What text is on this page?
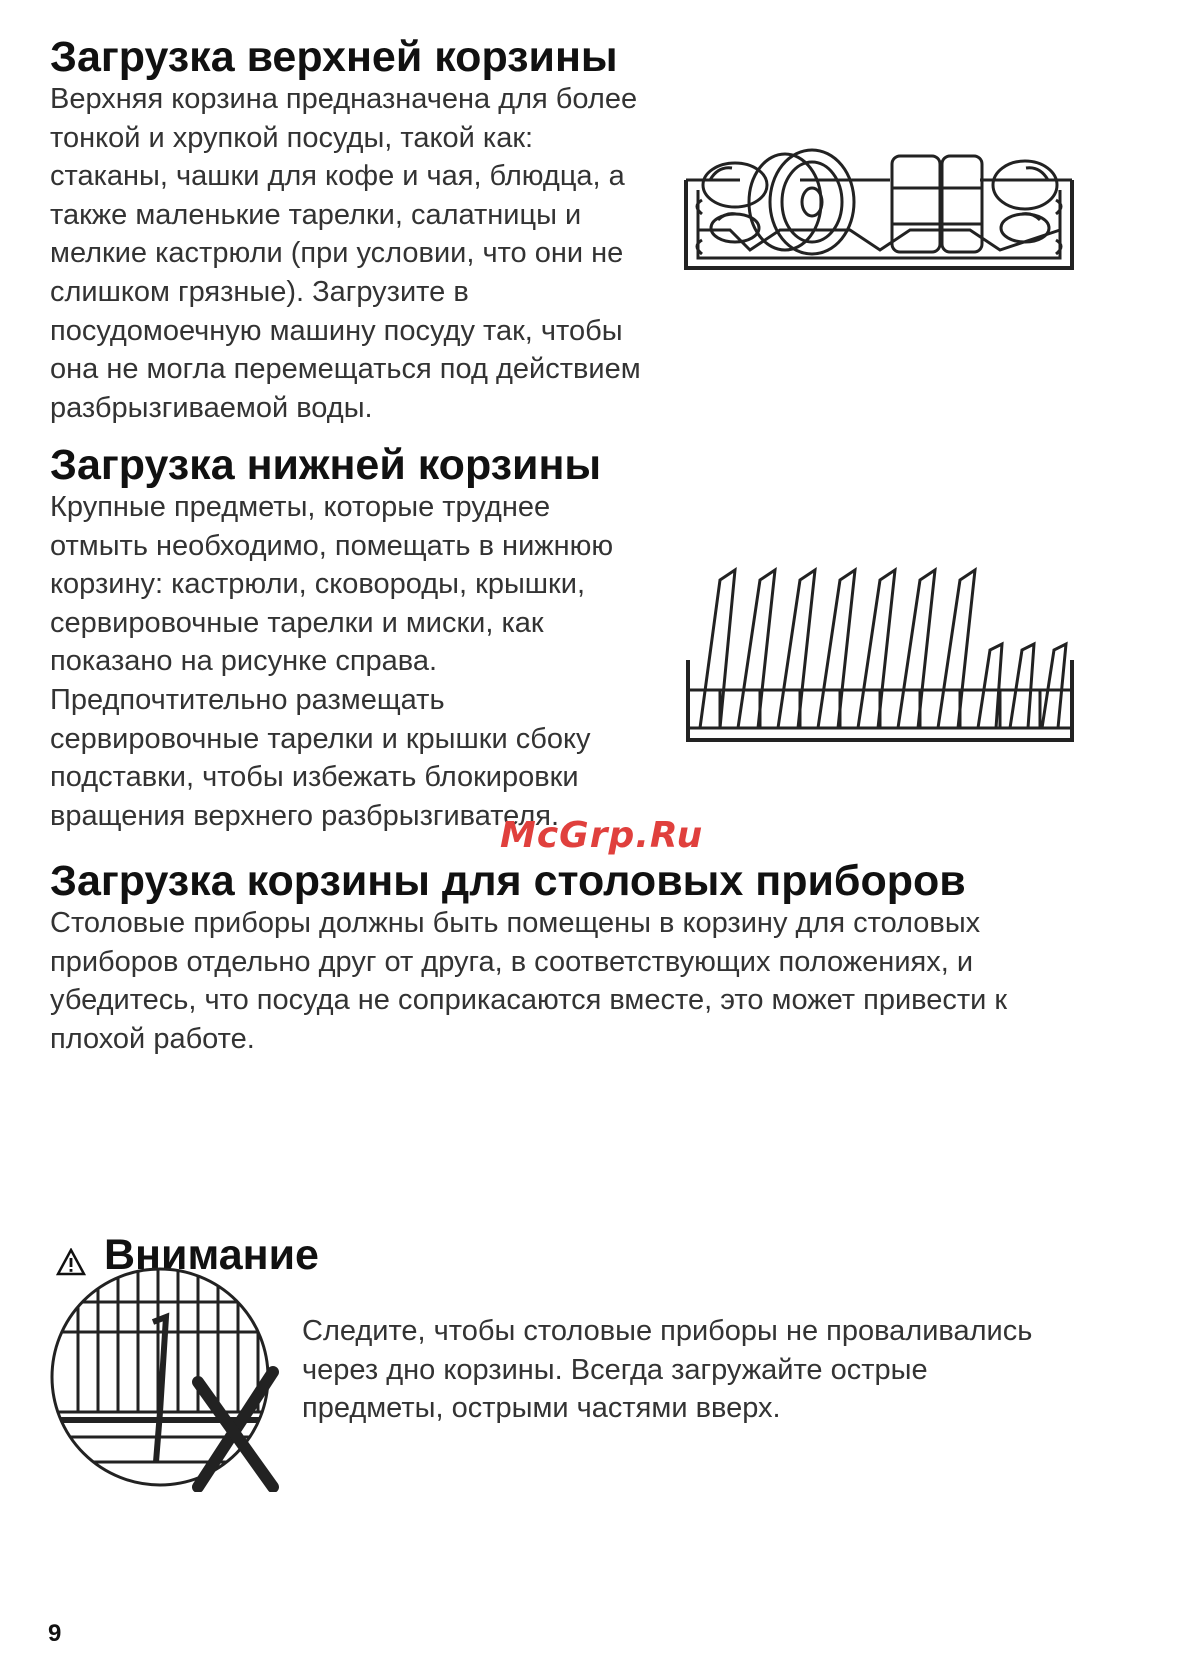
Загрузка верхней корзины

Верхняя корзина предназначена для более
тонкой и хрупкой посуды, такой как:
стаканы, чашки для кофе и чая, блюдца, а
также маленькие тарелки, салатницы и
мелкие кастрюли (при условии, что они не
слишком грязные). Загрузите в
посудомоечную машину посуду так, чтобы
она не могла перемещаться под действием
разбрызгиваемой воды.

Загрузка нижней корзины

Крупные предметы, которые труднее
отмыть необходимо, помещать в нижнюю
корзину: кастрюли, сковороды, крышки,
сервировочные тарелки и миски, как
показано на рисунке справа.
Предпочтительно размещать
сервировочные тарелки и крышки сбоку
подставки, чтобы избежать блокировки
вращения верхнего разбрызгивателя.

Загрузка корзины для столовых приборов

Столовые приборы должны быть помещены в корзину для столовых
приборов отдельно друг от друга, в соответствующих положениях, и
убедитесь, что посуда не соприкасаются вместе, это может привести к
плохой работе.

Внимание

Следите, чтобы столовые приборы не проваливались
через дно корзины. Всегда загружайте острые
предметы, острыми частями вверх.

McGrp.Ru
9
